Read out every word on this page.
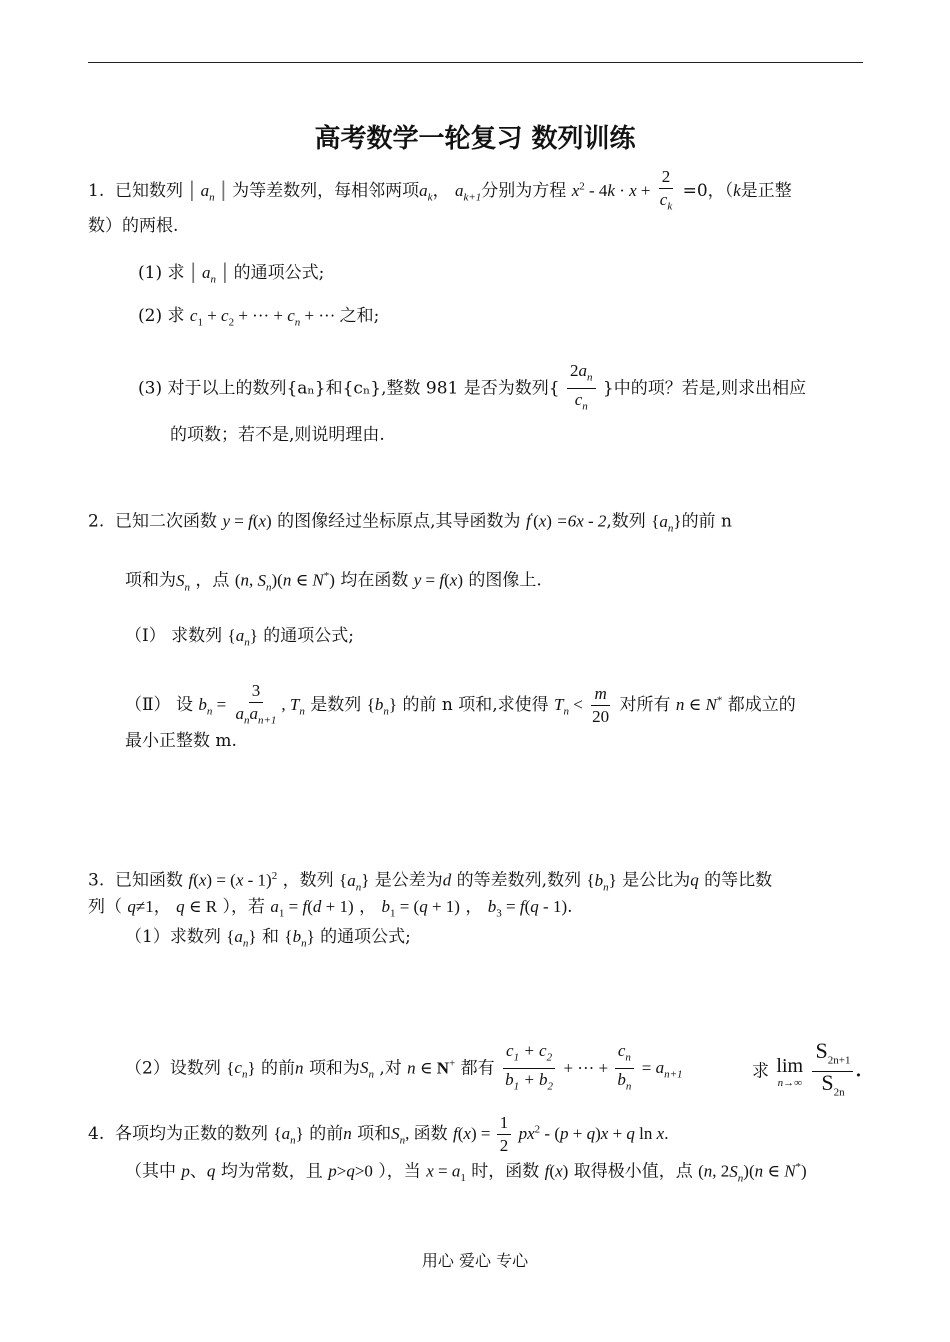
高考数学一轮复习 数列训练
1. 已知数列 | $a_n$ | 为等差数列，每相邻两项$a_k$， $a_{k+1}$分别为方程 $x^2 - 4k \cdot x + \frac{2}{c_k} =0$，（k是正整
数）的两根.
(1) 求 | $a_n$ | 的通项公式;
(2) 求 $c_1 + c_2$ + ··· + $c_n$ + ··· 之和;
(3) 对于以上的数列{aₙ}和{cₙ},整数 981 是否为数列{ $\frac{2a_n}{c_n}$ }中的项？若是,则求出相应
的项数；若不是,则说明理由.
2. 已知二次函数 y = f(x) 的图像经过坐标原点,其导函数为 f′(x) =6x - 2,数列 $\{a_n\}$的前 n
项和为$S_n$ ，点 (n, $S_n)(n$ ∈ N*) 均在函数 y = f(x) 的图像上.
（Ⅰ） 求数列 $\{a_n\}$ 的通项公式;
（Ⅱ） 设 $b_n = \frac{3}{a_na_{n+1}}$ , $T_n$ 是数列 $\{b_n\}$ 的前 n 项和,求使得 $T_n < \frac{m}{20}$ 对所有 n ∈ N* 都成立的
最小正整数 m.
3. 已知函数 f(x) = (x - 1)$^2$ ，数列 $\{a_n\}$ 是公差为d 的等差数列,数列 $\{b_n\}$ 是公比为q 的等比数
列（ q≠1， q ∈ R ），若 $a_1 = f(d + 1)$ ， $b_1 = (q + 1)$ ， $b_3 = f(q - 1)$.
（1）求数列 $\{a_n\}$ 和 $\{b_n\}$ 的通项公式;
（2）设数列 $\{c_n\}$ 的前n 项和为$S_n$ ,对 n ∈ N+ 都有 $\frac{c_1 + c_2}{b_1 + b_2}$ + ··· + $\frac{c_n}{b_n} = a_{n+1}$	求 lim
n→∞
$\frac{S_{2n+1}}{S_{2n}}$ .
4. 各项均为正数的数列 $\{a_n\}$ 的前n 项和$S_n$, 函数 $f(x) = \frac{1}{2} px^2 - (p + q)x + q$ ln x.
（其中 p、q 均为常数，且 p>q>0 ），当 $x = a_1$ 时，函数 f(x) 取得极小值，点 (n, $2S_n)(n$ ∈ N*)
用心 爱心 专心
